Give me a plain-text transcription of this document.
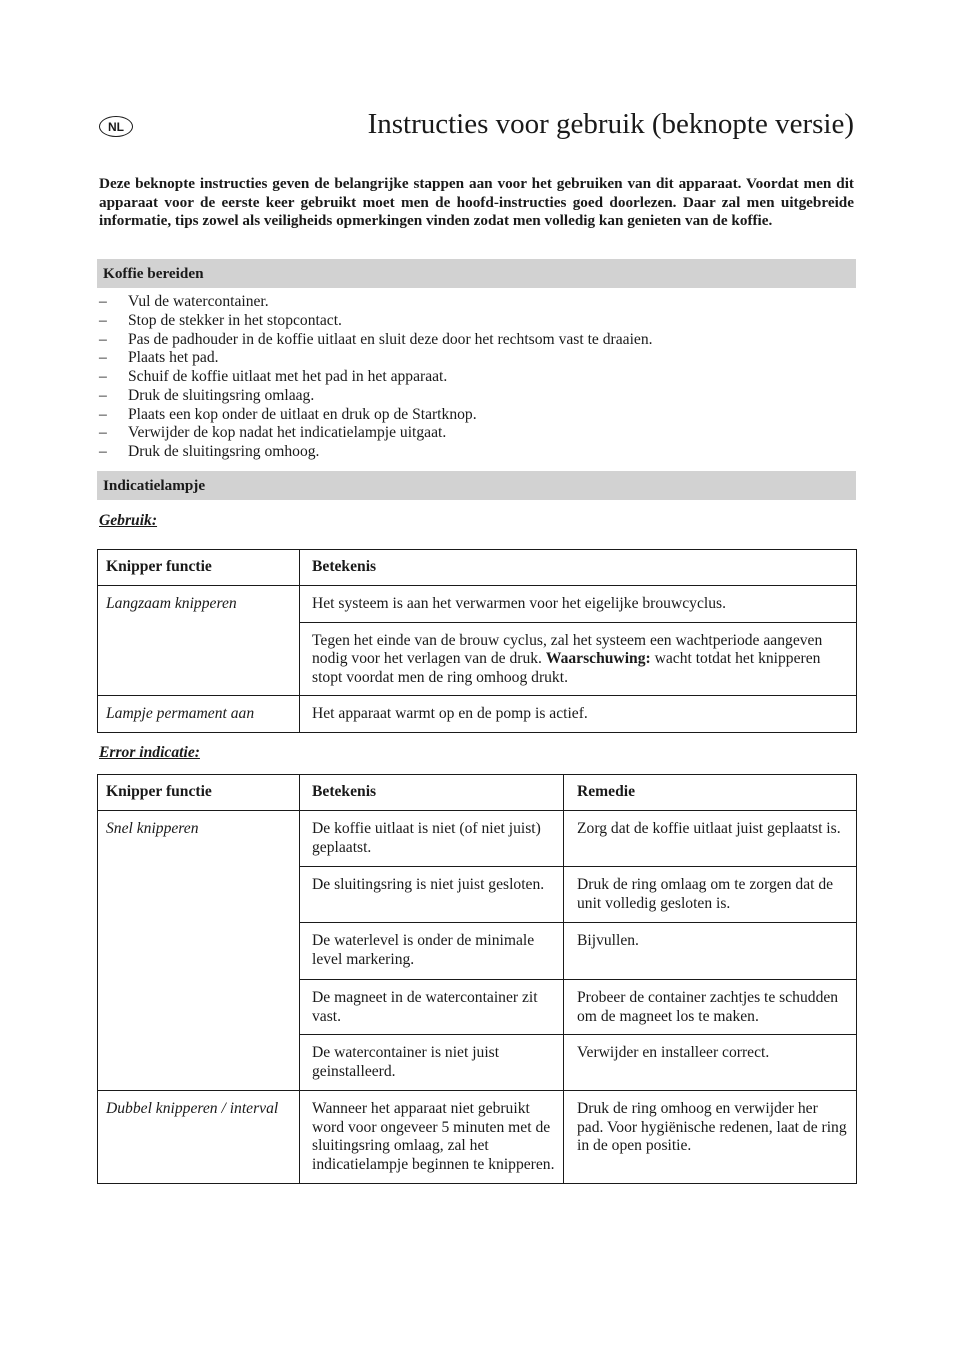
NL	Instructies voor gebruik (beknopte versie)

Deze beknopte instructies geven de belangrijke stappen aan voor het gebruiken van dit apparaat. Voordat men dit apparaat voor de eerste keer gebruikt moet men de hoofd-instructies goed doorlezen. Daar zal men uitgebreide informatie, tips zowel als veiligheids opmerkingen vinden zodat men volledig kan genieten van de koffie.

Koffie bereiden
– Vul de watercontainer.
– Stop de stekker in het stopcontact.
– Pas de padhouder in de koffie uitlaat en sluit deze door het rechtsom vast te draaien.
– Plaats het pad.
– Schuif de koffie uitlaat met het pad in het apparaat.
– Druk de sluitingsring omlaag.
– Plaats een kop onder de uitlaat en druk op de Startknop.
– Verwijder de kop nadat het indicatielampje uitgaat.
– Druk de sluitingsring omhoog.
Indicatielampje
Gebruik:
Knipper functie	Betekenis
Langzaam knipperen	Het systeem is aan het verwarmen voor het eigelijke brouwcyclus.
	Tegen het einde van de brouw cyclus, zal het systeem een wachtperiode aangeven nodig voor het verlagen van de druk. Waarschuwing: wacht totdat het knipperen stopt voordat men de ring omhoog drukt.
Lampje permament aan	Het apparaat warmt op en de pomp is actief.
Error indicatie:
Knipper functie	Betekenis	Remedie
Snel knipperen	De koffie uitlaat is niet (of niet juist) geplaatst.	Zorg dat de koffie uitlaat juist geplaatst is.
	De sluitingsring is niet juist gesloten.	Druk de ring omlaag om te zorgen dat de unit volledig gesloten is.
	De waterlevel is onder de minimale level markering.	Bijvullen.
	De magneet in de watercontainer zit vast.	Probeer de container zachtjes te schudden om de magneet los te maken.
	De watercontainer is niet juist geinstalleerd.	Verwijder en installeer correct.
Dubbel knipperen / interval	Wanneer het apparaat niet gebruikt word voor ongeveer 5 minuten met de sluitingsring omlaag, zal het indicatielampje beginnen te knipperen.	Druk de ring omhoog en verwijder her pad. Voor hygiënische redenen, laat de ring in de open positie.
